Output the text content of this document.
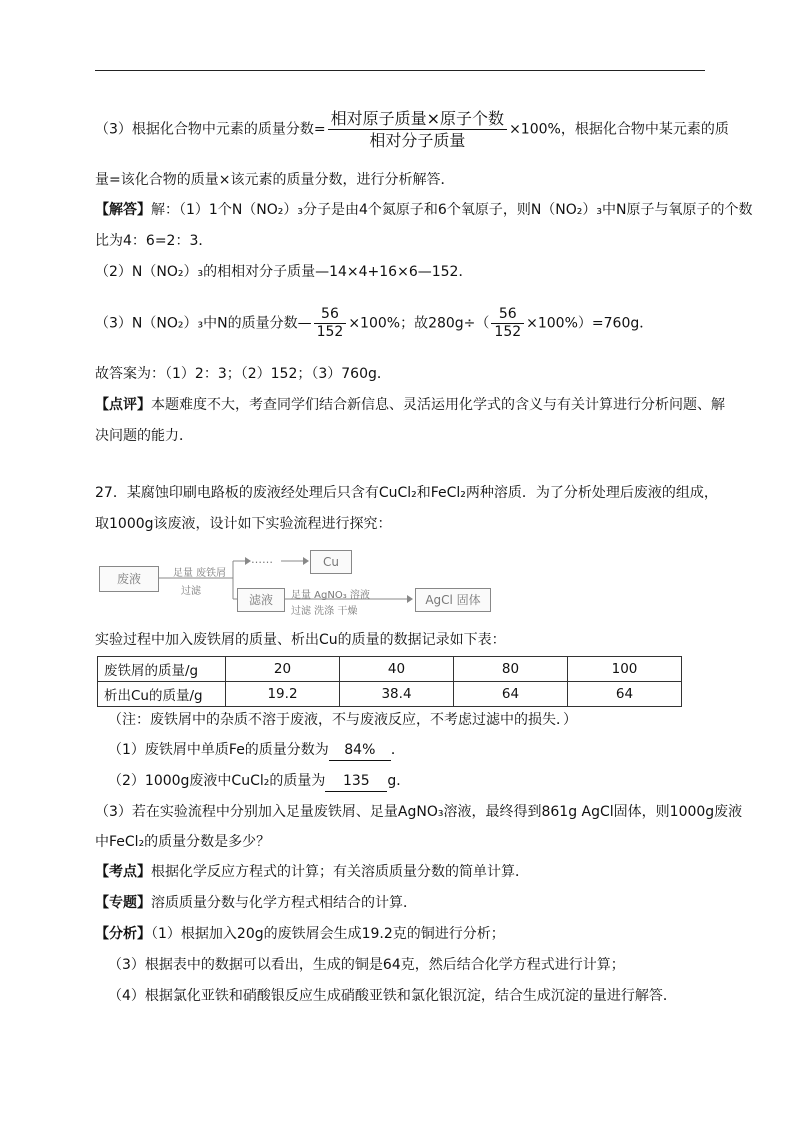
（3）根据化合物中元素的质量分数= $\frac{\text{相对原子质量×原子个数}}{\text{相对分子质量}} \times 100\%$，根据化合物中某元素的质
量=该化合物的质量×该元素的质量分数，进行分析解答．
【解答】解：（1）1个N（NO₂）₃分子是由4个氮原子和6个氧原子，则N（NO₂）₃中N原子与氧原子的个数
比为4：6=2：3．
（2）N（NO₂）₃的相相对分子质量—14×4+16×6—152．
（3）N（NO₂）₃中N的质量分数— $\frac{56}{152} \times 100\%$；故$280g\div( \frac{56}{152} \times 100\%)=760g$．
故答案为：（1）2：3；（2）152；（3）760g．
【点评】本题难度不大，考查同学们结合新信息、灵活运用化学式的含义与有关计算进行分析问题、解
决问题的能力．
27．某腐蚀印刷电路板的废液经处理后只含有CuCl₂和FeCl₂两种溶质．为了分析处理后废液的组成，
取1000g该废液，设计如下实验流程进行探究：
废液	足量 废铁屑
过滤
……	Cu
滤液	足量 AgNO₃ 溶液
过滤 洗涤 干燥
AgCl 固体
实验过程中加入废铁屑的质量、析出Cu的质量的数据记录如下表：
废铁屑的质量/g	20	40	80	100
析出Cu的质量/g	19.2	38.4	64	64
（注：废铁屑中的杂质不溶于废液，不与废液反应，不考虑过滤中的损失．）
（1）废铁屑中单质Fe的质量分数为 84% ．
（2）1000g废液中CuCl₂的质量为 135 g．
（3）若在实验流程中分别加入足量废铁屑、足量AgNO₃溶液，最终得到861g AgCl固体，则1000g废液
中FeCl₂的质量分数是多少？
【考点】根据化学反应方程式的计算；有关溶质质量分数的简单计算．
【专题】溶质质量分数与化学方程式相结合的计算．
【分析】（1）根据加入20g的废铁屑会生成19.2克的铜进行分析；
（3）根据表中的数据可以看出，生成的铜是64克，然后结合化学方程式进行计算；
（4）根据氯化亚铁和硝酸银反应生成硝酸亚铁和氯化银沉淀，结合生成沉淀的量进行解答．
